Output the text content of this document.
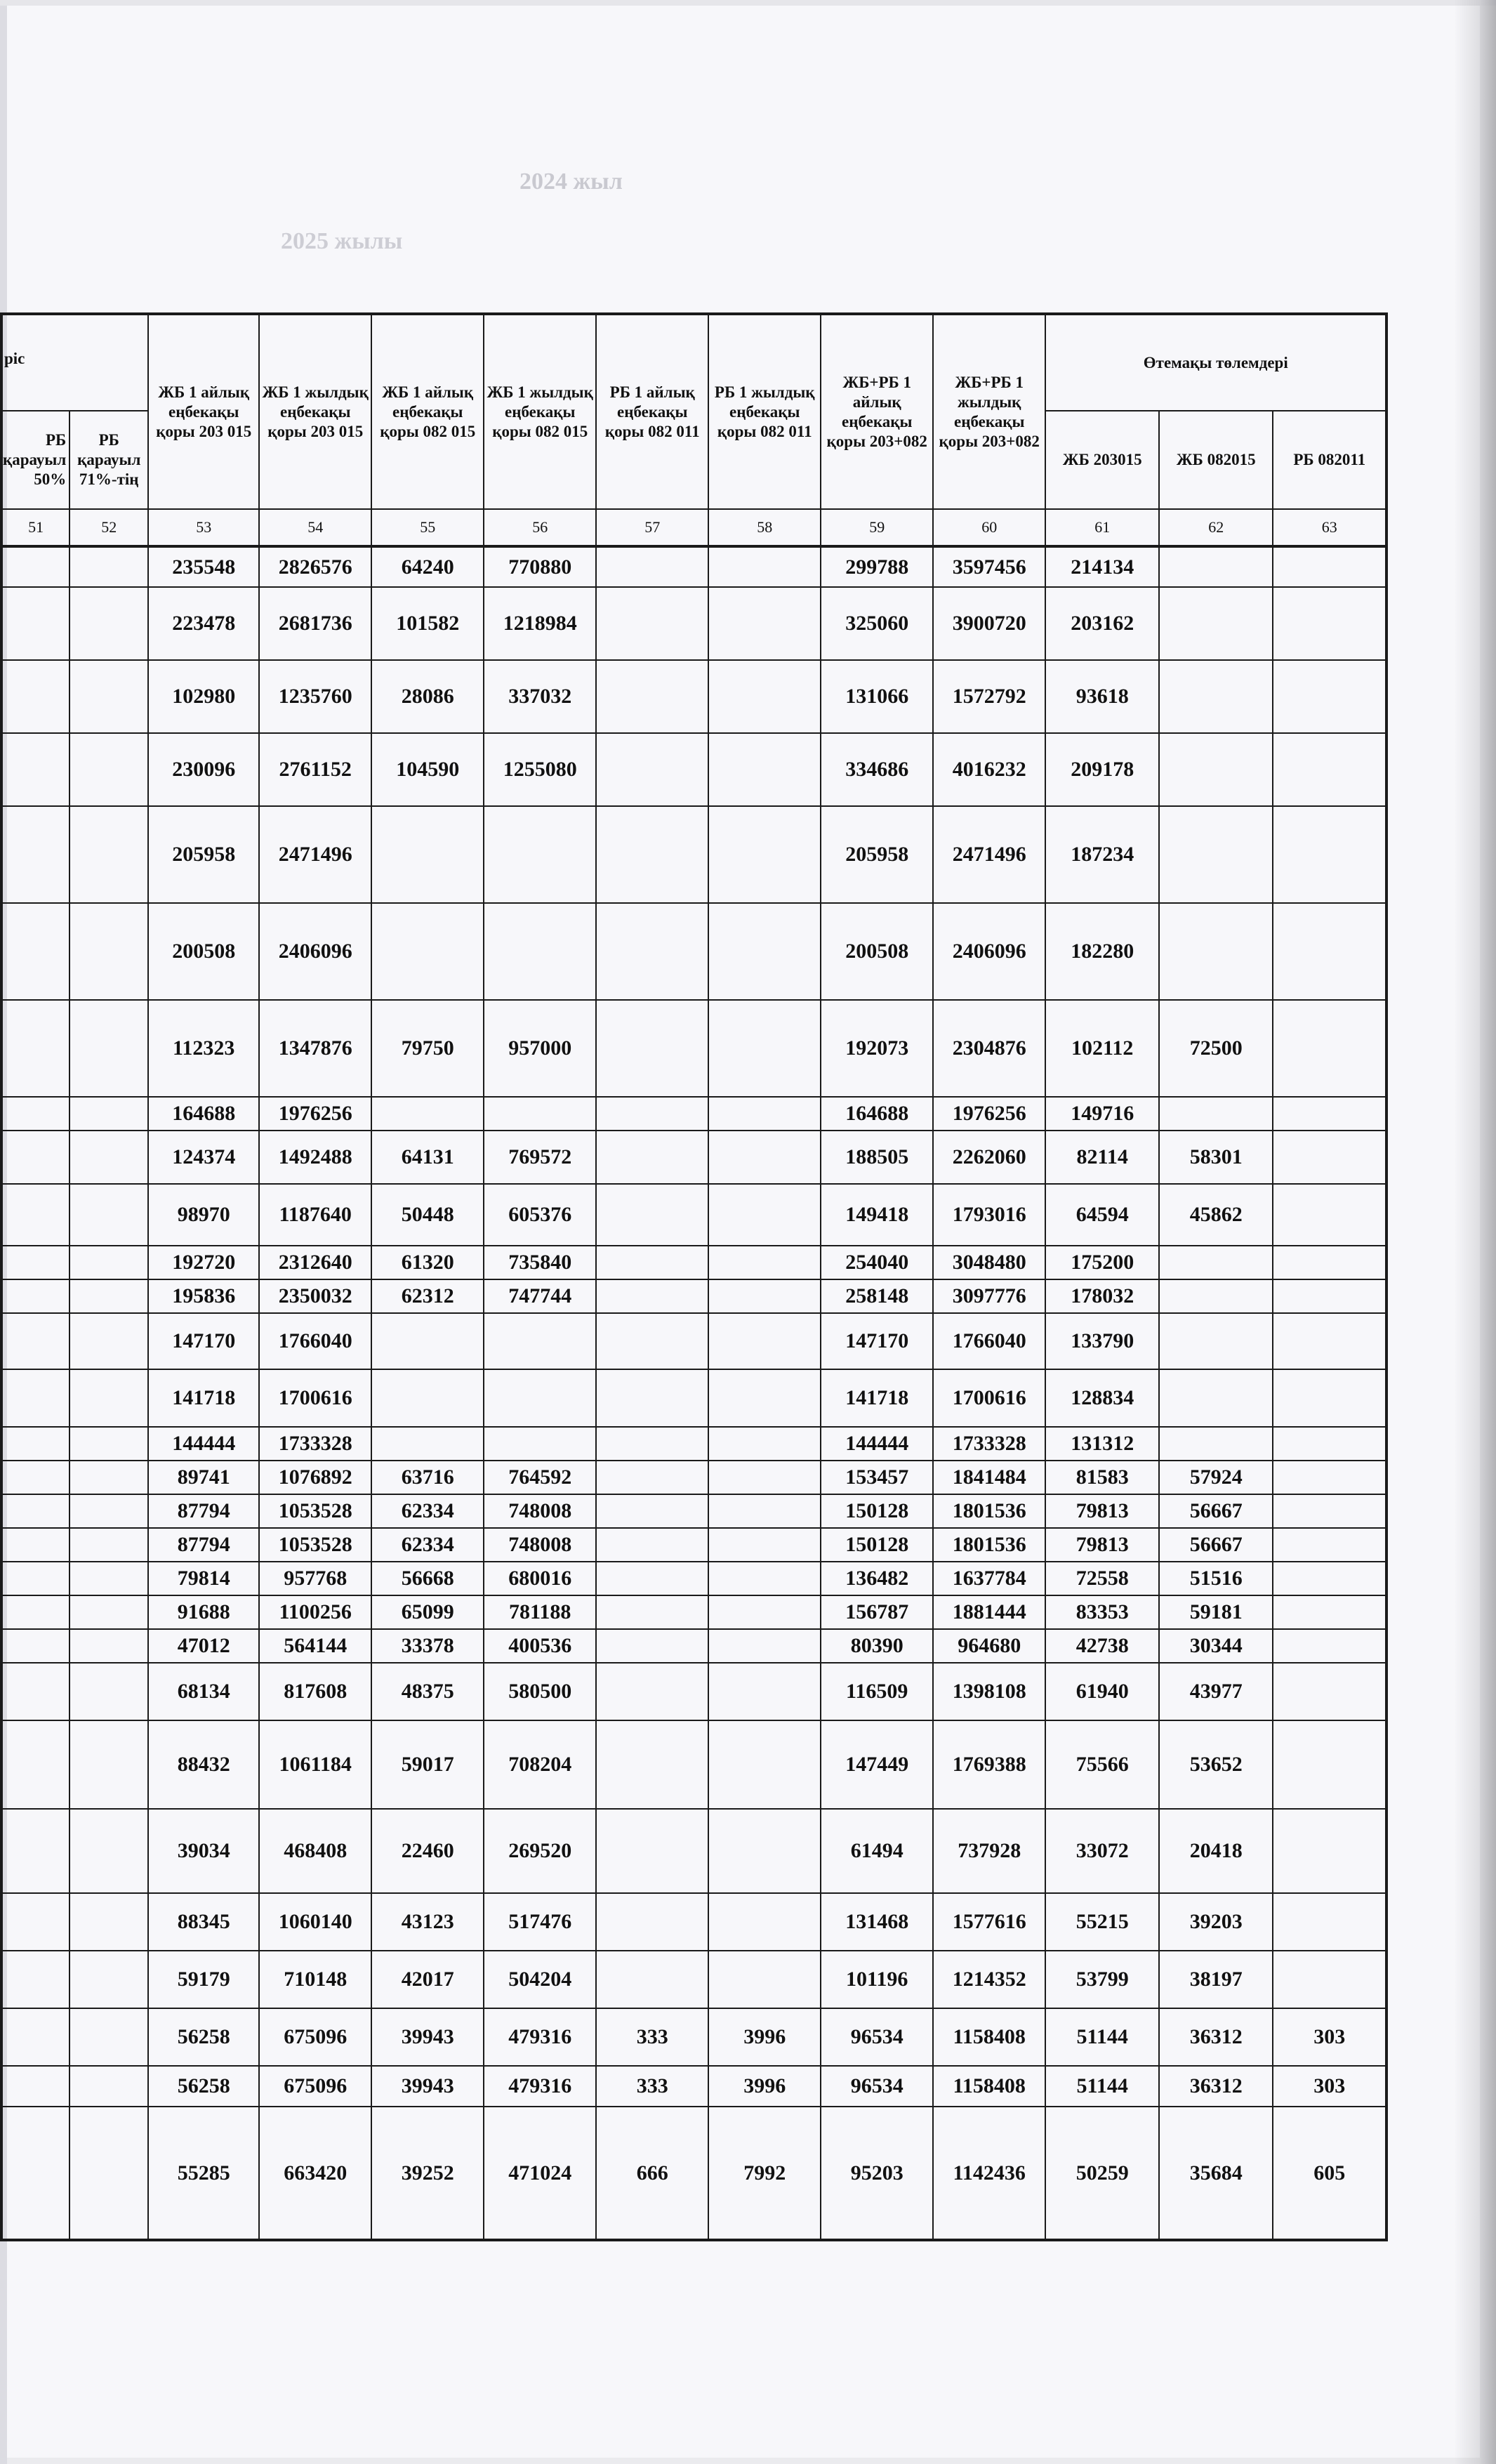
2024 жыл
2025 жылы
ріс		ЖБ 1 айлық еңбекақы қоры 203 015	ЖБ 1 жылдық еңбекақы қоры 203 015	ЖБ 1 айлық еңбекақы қоры 082 015	ЖБ 1 жылдық еңбекақы қоры 082 015	РБ 1 айлық еңбекақы қоры 082 011	РБ 1 жылдық еңбекақы қоры 082 011	ЖБ+РБ 1 айлық еңбекақы қоры 203+082	ЖБ+РБ 1 жылдық еңбекақы қоры 203+082	Өтемақы төлемдері		
РБ қарауыл 50%	РБ қарауыл 71%-тің									ЖБ 203015	ЖБ 082015	РБ 082011
51	52	53	54	55	56	57	58	59	60	61	62	63
		235548	2826576	64240	770880			299788	3597456	214134		
		223478	2681736	101582	1218984			325060	3900720	203162		
		102980	1235760	28086	337032			131066	1572792	93618		
		230096	2761152	104590	1255080			334686	4016232	209178		
		205958	2471496					205958	2471496	187234		
		200508	2406096					200508	2406096	182280		
		112323	1347876	79750	957000			192073	2304876	102112	72500	
		164688	1976256					164688	1976256	149716		
		124374	1492488	64131	769572			188505	2262060	82114	58301	
		98970	1187640	50448	605376			149418	1793016	64594	45862	
		192720	2312640	61320	735840			254040	3048480	175200		
		195836	2350032	62312	747744			258148	3097776	178032		
		147170	1766040					147170	1766040	133790		
		141718	1700616					141718	1700616	128834		
		144444	1733328					144444	1733328	131312		
		89741	1076892	63716	764592			153457	1841484	81583	57924	
		87794	1053528	62334	748008			150128	1801536	79813	56667	
		87794	1053528	62334	748008			150128	1801536	79813	56667	
		79814	957768	56668	680016			136482	1637784	72558	51516	
		91688	1100256	65099	781188			156787	1881444	83353	59181	
		47012	564144	33378	400536			80390	964680	42738	30344	
		68134	817608	48375	580500			116509	1398108	61940	43977	
		88432	1061184	59017	708204			147449	1769388	75566	53652	
		39034	468408	22460	269520			61494	737928	33072	20418	
		88345	1060140	43123	517476			131468	1577616	55215	39203	
		59179	710148	42017	504204			101196	1214352	53799	38197	
		56258	675096	39943	479316	333	3996	96534	1158408	51144	36312	303
		56258	675096	39943	479316	333	3996	96534	1158408	51144	36312	303
		55285	663420	39252	471024	666	7992	95203	1142436	50259	35684	605
